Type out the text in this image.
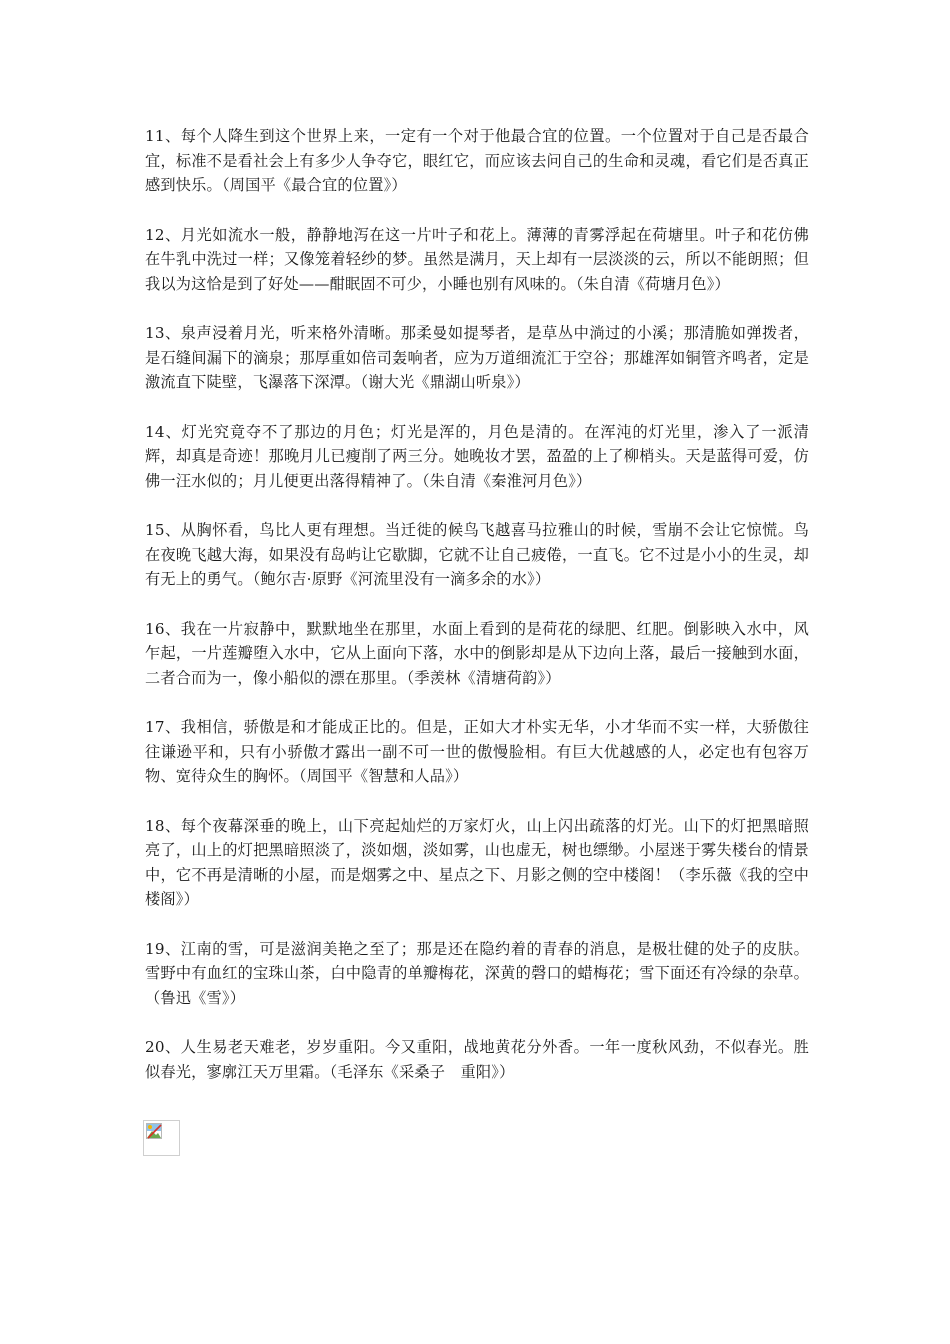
11、每个人降生到这个世界上来，一定有一个对于他最合宜的位置。一个位置对于自己是否最合宜，标准不是看社会上有多少人争夺它，眼红它，而应该去问自己的生命和灵魂，看它们是否真正感到快乐。（周国平《最合宜的位置》）

12、月光如流水一般，静静地泻在这一片叶子和花上。薄薄的青雾浮起在荷塘里。叶子和花仿佛在牛乳中洗过一样；又像笼着轻纱的梦。虽然是满月，天上却有一层淡淡的云，所以不能朗照；但我以为这恰是到了好处——酣眠固不可少，小睡也别有风味的。（朱自清《荷塘月色》）

13、泉声浸着月光，听来格外清晰。那柔曼如提琴者，是草丛中淌过的小溪；那清脆如弹拨者，是石缝间漏下的滴泉；那厚重如倍司轰响者，应为万道细流汇于空谷；那雄浑如铜管齐鸣者，定是激流直下陡壁，飞瀑落下深潭。（谢大光《鼎湖山听泉》）

14、灯光究竟夺不了那边的月色；灯光是浑的，月色是清的。在浑沌的灯光里，渗入了一派清辉，却真是奇迹！那晚月儿已瘦削了两三分。她晚妆才罢，盈盈的上了柳梢头。天是蓝得可爱，仿佛一汪水似的；月儿便更出落得精神了。（朱自清《秦淮河月色》）

15、从胸怀看，鸟比人更有理想。当迁徙的候鸟飞越喜马拉雅山的时候，雪崩不会让它惊慌。鸟在夜晚飞越大海，如果没有岛屿让它歇脚，它就不让自己疲倦，一直飞。它不过是小小的生灵，却有无上的勇气。（鲍尔吉·原野《河流里没有一滴多余的水》）

16、我在一片寂静中，默默地坐在那里，水面上看到的是荷花的绿肥、红肥。倒影映入水中，风乍起，一片莲瓣堕入水中，它从上面向下落，水中的倒影却是从下边向上落，最后一接触到水面，二者合而为一，像小船似的漂在那里。（季羡林《清塘荷韵》）

17、我相信，骄傲是和才能成正比的。但是，正如大才朴实无华，小才华而不实一样，大骄傲往往谦逊平和，只有小骄傲才露出一副不可一世的傲慢脸相。有巨大优越感的人，必定也有包容万物、宽待众生的胸怀。（周国平《智慧和人品》）

18、每个夜幕深垂的晚上，山下亮起灿烂的万家灯火，山上闪出疏落的灯光。山下的灯把黑暗照亮了，山上的灯把黑暗照淡了，淡如烟，淡如雾，山也虚无，树也缥缈。小屋迷于雾失楼台的情景中，它不再是清晰的小屋，而是烟雾之中、星点之下、月影之侧的空中楼阁！（李乐薇《我的空中楼阁》）

19、江南的雪，可是滋润美艳之至了；那是还在隐约着的青春的消息，是极壮健的处子的皮肤。雪野中有血红的宝珠山茶，白中隐青的单瓣梅花，深黄的磬口的蜡梅花；雪下面还有冷绿的杂草。（鲁迅《雪》）

20、人生易老天难老，岁岁重阳。今又重阳，战地黄花分外香。一年一度秋风劲，不似春光。胜似春光，寥廓江天万里霜。（毛泽东《采桑子　重阳》）
